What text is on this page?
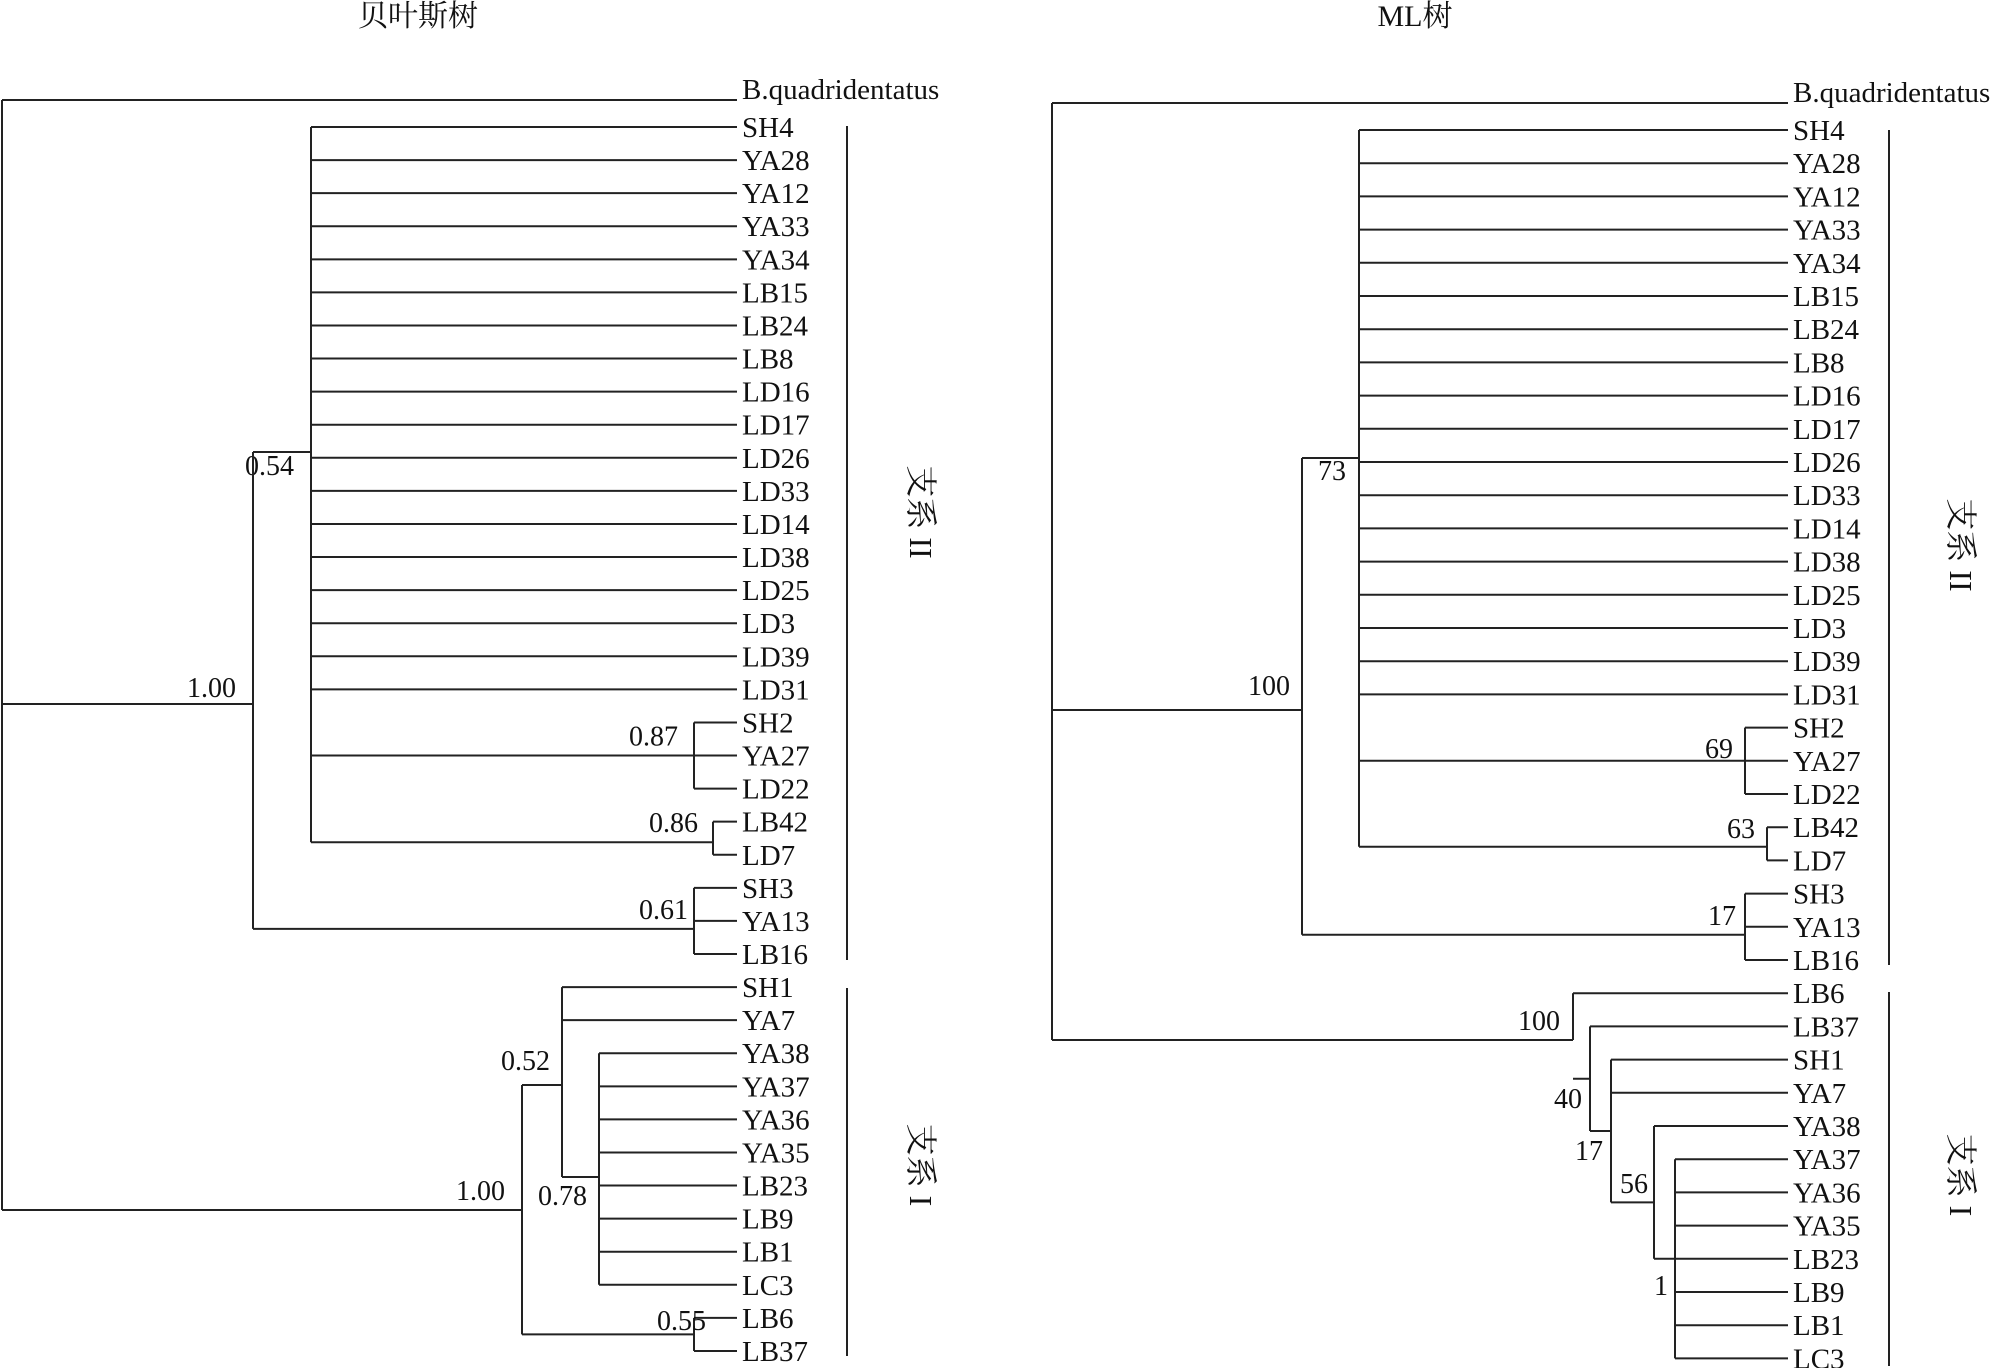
贝叶斯树
B.quadridentatus
SH4
YA28
YA12
YA33
YA34
LB15
LB24
LB8
LD16
LD17
LD26
LD33
LD14
LD38
LD25
LD3
LD39
LD31
SH2
YA27
LD22
0.87
LB42
LD7
0.86
0.54
SH3
YA13
LB16
0.61
1.00
SH1
YA7
YA38
YA37
YA36
YA35
LB23
LB9
LB1
LC3
0.78
0.52
LB6
LB37
0.55
1.00
支系 II
支系 I
ML树
B.quadridentatus
SH4
YA28
YA12
YA33
YA34
LB15
LB24
LB8
LD16
LD17
LD26
LD33
LD14
LD38
LD25
LD3
LD39
LD31
SH2
YA27
LD22
69
LB42
LD7
63
73
SH3
YA13
LB16
17
100
LB6
LB37
SH1
YA7
YA38
YA37
YA36
YA35
LB23
LB9
LB1
LC3
1
56
17
40
100
支系 II
支系 I
